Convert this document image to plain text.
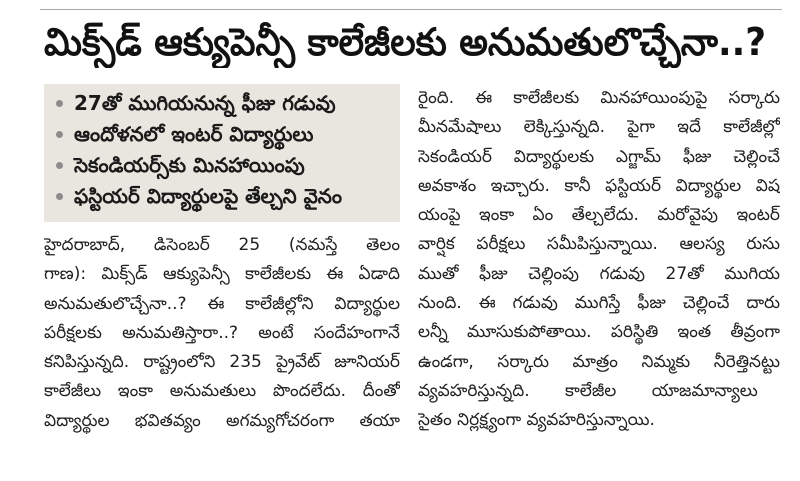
మిక్స్‌డ్ ఆక్యుపెన్సీ కాలేజీలకు అనుమతులొచ్చేనా..?
27తో ముగియనున్న ఫీజు గడువు
ఆందోళనలో ఇంటర్ విద్యార్థులు
సెకండియర్స్‌కు మినహాయింపు
ఫస్టియర్ విద్యార్థులపై తేల్చని వైనం
హైదరాబాద్, డిసెంబర్ 25 (నమస్తే తెలం
గాణ): మిక్స్‌డ్ ఆక్యుపెన్సీ కాలేజీలకు ఈ ఏడాది
అనుమతులొచ్చేనా..? ఈ కాలేజీల్లోని విద్యార్థుల
పరీక్షలకు అనుమతిస్తారా..? అంటే సందేహంగానే
కనిపిస్తున్నది. రాష్ట్రంలోని 235 ప్రైవేట్ జూనియర్
కాలేజీలు ఇంకా అనుమతులు పొందలేదు. దీంతో
విద్యార్థుల భవితవ్యం అగమ్యగోచరంగా తయా
రైంది. ఈ కాలేజీలకు మినహాయింపుపై సర్కారు
మీనమేషాలు లెక్కిస్తున్నది. పైగా ఇదే కాలేజీల్లో
సెకండియర్ విద్యార్థులకు ఎగ్జామ్ ఫీజు చెల్లించే
అవకాశం ఇచ్చారు. కానీ ఫస్టియర్ విద్యార్థుల విష
యంపై ఇంకా ఏం తేల్చలేదు. మరోవైపు ఇంటర్
వార్షిక పరీక్షలు సమీపిస్తున్నాయి. ఆలస్య రుసు
ముతో ఫీజు చెల్లింపు గడువు 27తో ముగియ
నుంది. ఈ గడువు ముగిస్తే ఫీజు చెల్లించే దారు
లన్నీ మూసుకుపోతాయి. పరిస్థితి ఇంత తీవ్రంగా
ఉండగా, సర్కారు మాత్రం నిమ్మకు నీరెత్తినట్టు
వ్యవహరిస్తున్నది. కాలేజీల యాజమాన్యాలు
సైతం నిర్లక్ష్యంగా వ్యవహరిస్తున్నాయి.
